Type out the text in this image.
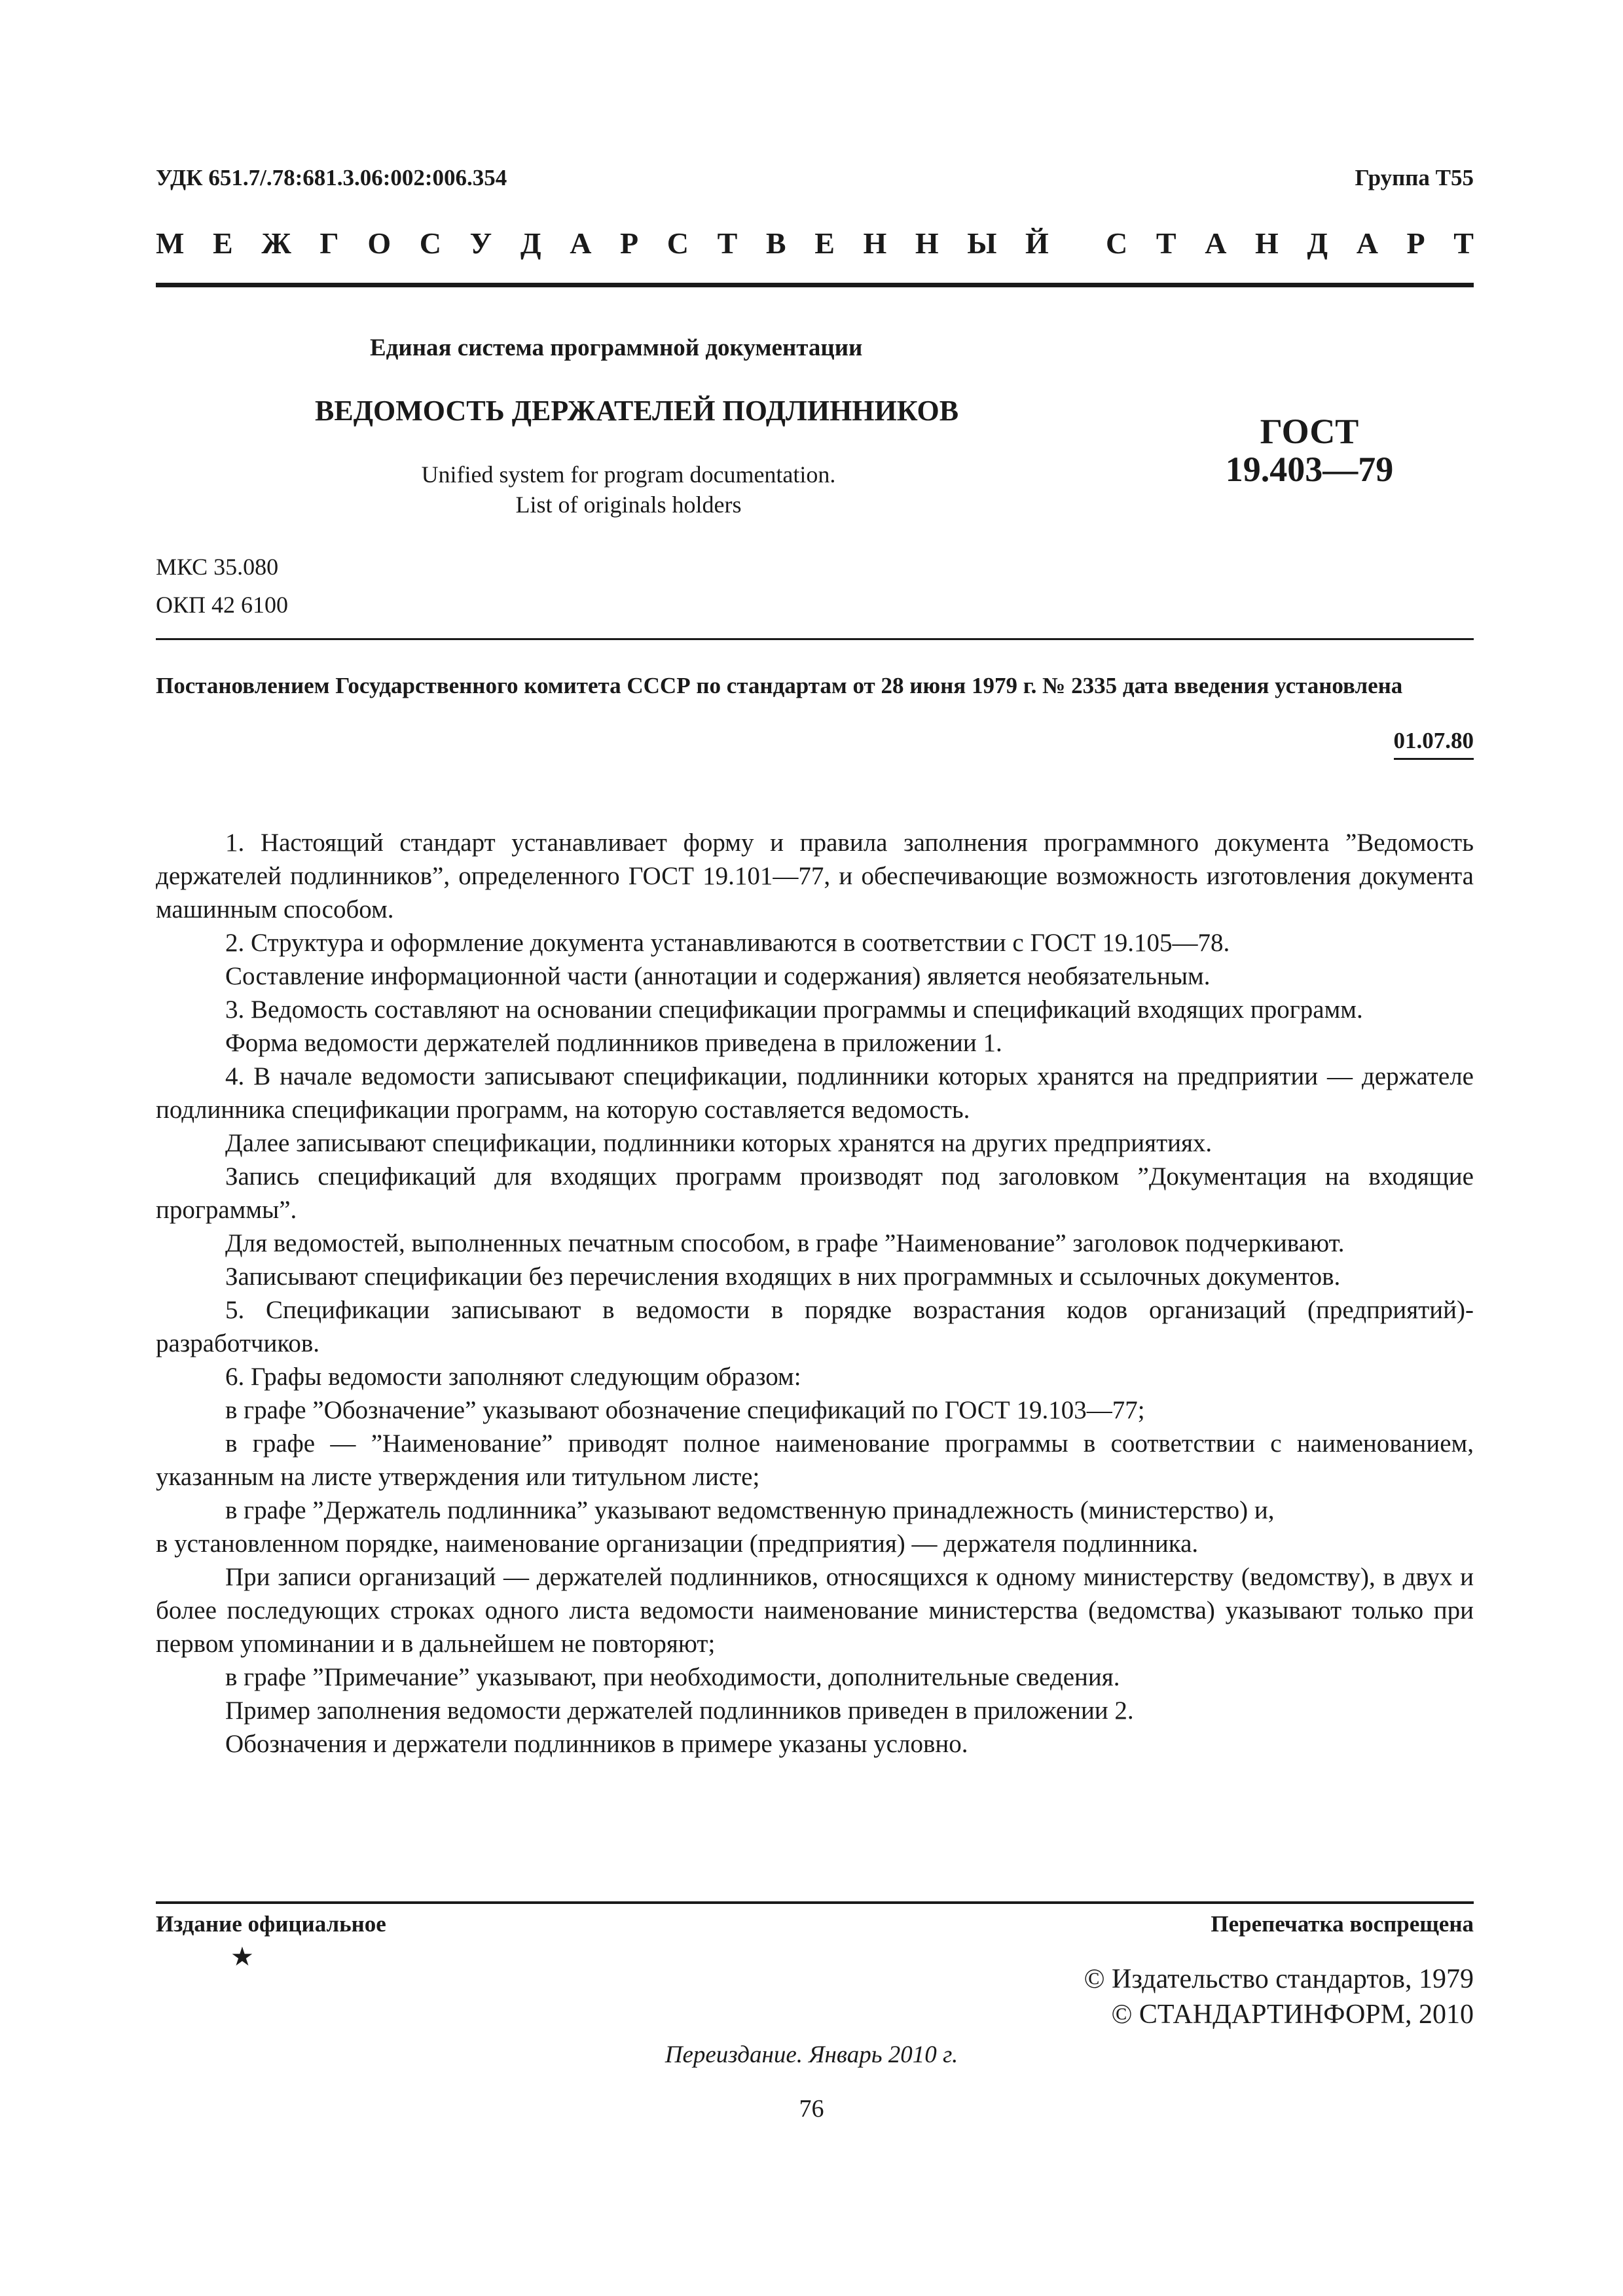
УДК 651.7/.78:681.3.06:002:006.354	Группа Т55
М Е Ж Г О С У Д А Р С Т В Е Н Н Ы Й С Т А Н Д А Р Т
Единая система программной документации
ВЕДОМОСТЬ ДЕРЖАТЕЛЕЙ ПОДЛИННИКОВ
ГОСТ
19.403—79
Unified system for program documentation.
List of originals holders
МКС 35.080
ОКП 42 6100
Постановлением Государственного комитета СССР по стандартам от 28 июня 1979 г. № 2335 дата введения установлена
01.07.80

1. Настоящий стандарт устанавливает форму и правила заполнения программного документа ”Ведомость держателей подлинников”, определенного ГОСТ 19.101—77, и обеспечивающие возможность изготовления документа машинным способом.

2. Структура и оформление документа устанавливаются в соответствии с ГОСТ 19.105—78.

Составление информационной части (аннотации и содержания) является необязательным.

3. Ведомость составляют на основании спецификации программы и спецификаций входящих программ.

Форма ведомости держателей подлинников приведена в приложении 1.

4. В начале ведомости записывают спецификации, подлинники которых хранятся на предприятии — держателе подлинника спецификации программ, на которую составляется ведомость.

Далее записывают спецификации, подлинники которых хранятся на других предприятиях.

Запись спецификаций для входящих программ производят под заголовком ”Документация на входящие программы”.

Для ведомостей, выполненных печатным способом, в графе ”Наименование” заголовок подчеркивают.

Записывают спецификации без перечисления входящих в них программных и ссылочных документов.

5. Спецификации записывают в ведомости в порядке возрастания кодов организаций (предприятий)-разработчиков.

6. Графы ведомости заполняют следующим образом:

в графе ”Обозначение” указывают обозначение спецификаций по ГОСТ 19.103—77;

в графе — ”Наименование” приводят полное наименование программы в соответствии с наименованием, указанным на листе утверждения или титульном листе;

в графе ”Держатель подлинника” указывают ведомственную принадлежность (министерство) и,

в установленном порядке, наименование организации (предприятия) — держателя подлинника.

При записи организаций — держателей подлинников, относящихся к одному министерству (ведомству), в двух и более последующих строках одного листа ведомости наименование министерства (ведомства) указывают только при первом упоминании и в дальнейшем не повторяют;

в графе ”Примечание” указывают, при необходимости, дополнительные сведения.

Пример заполнения ведомости держателей подлинников приведен в приложении 2.

Обозначения и держатели подлинников в примере указаны условно.

Издание официальное
★
Перепечатка воспрещена
© Издательство стандартов, 1979
© СТАНДАРТИНФОРМ, 2010
Переиздание. Январь 2010 г.
76
